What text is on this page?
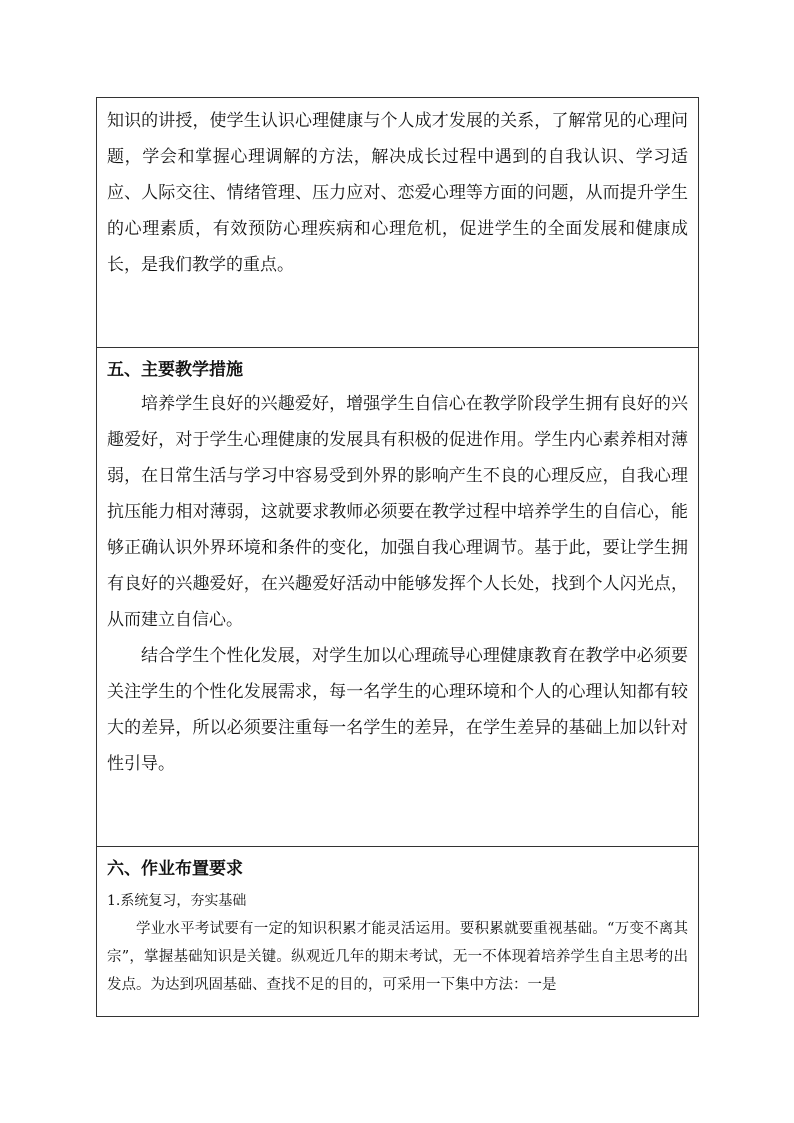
知识的讲授，使学生认识心理健康与个人成才发展的关系，了解常见的心理问题，学会和掌握心理调解的方法，解决成长过程中遇到的自我认识、学习适应、人际交往、情绪管理、压力应对、恋爱心理等方面的问题，从而提升学生的心理素质，有效预防心理疾病和心理危机，促进学生的全面发展和健康成长，是我们教学的重点。

五、主要教学措施

培养学生良好的兴趣爱好，增强学生自信心在教学阶段学生拥有良好的兴趣爱好，对于学生心理健康的发展具有积极的促进作用。学生内心素养相对薄弱，在日常生活与学习中容易受到外界的影响产生不良的心理反应，自我心理抗压能力相对薄弱，这就要求教师必须要在教学过程中培养学生的自信心，能够正确认识外界环境和条件的变化，加强自我心理调节。基于此，要让学生拥有良好的兴趣爱好，在兴趣爱好活动中能够发挥个人长处，找到个人闪光点，从而建立自信心。

结合学生个性化发展，对学生加以心理疏导心理健康教育在教学中必须要关注学生的个性化发展需求，每一名学生的心理环境和个人的心理认知都有较大的差异，所以必须要注重每一名学生的差异，在学生差异的基础上加以针对性引导。

六、作业布置要求

1.系统复习，夯实基础

学业水平考试要有一定的知识积累才能灵活运用。要积累就要重视基础。“万变不离其宗”，掌握基础知识是关键。纵观近几年的期末考试，无一不体现着培养学生自主思考的出发点。为达到巩固基础、查找不足的目的，可采用一下集中方法：一是
